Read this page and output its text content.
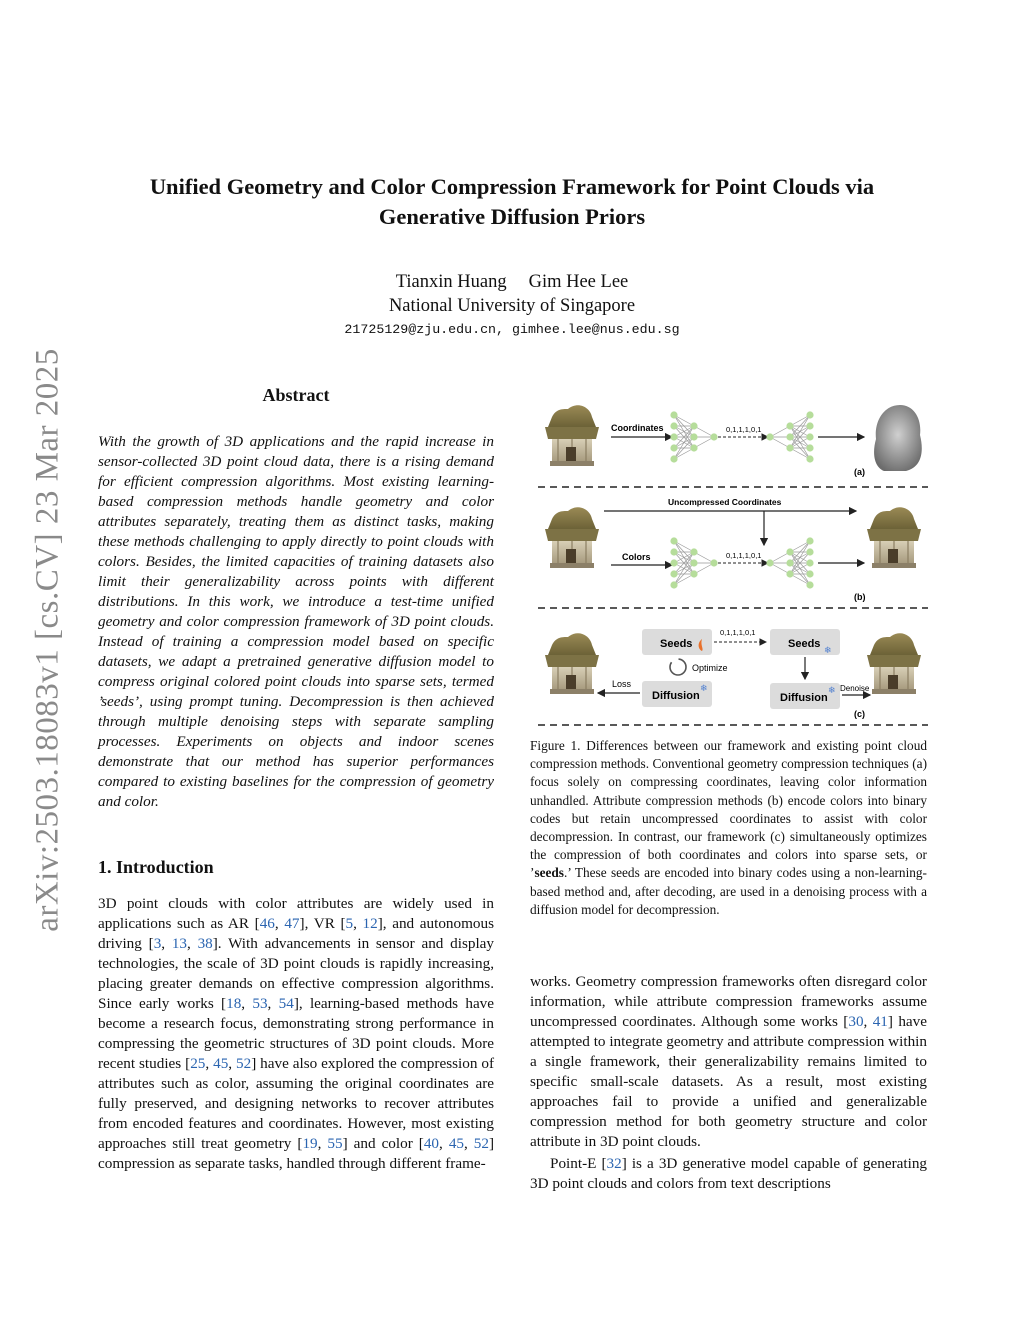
arXiv:2503.18083v1 [cs.CV] 23 Mar 2025
Unified Geometry and Color Compression Framework for Point Clouds via
Generative Diffusion Priors
Tianxin Huang Gim Hee Lee
National University of Singapore
21725129@zju.edu.cn, gimhee.lee@nus.edu.sg
Abstract
With the growth of 3D applications and the rapid increase in sensor-collected 3D point cloud data, there is a rising demand for efficient compression algorithms. Most existing learning-based compression methods handle geometry and color attributes separately, treating them as distinct tasks, making these methods challenging to apply directly to point clouds with colors. Besides, the limited capacities of training datasets also limit their generalizability across points with different distributions. In this work, we introduce a test-time unified geometry and color compression framework of 3D point clouds. Instead of training a compression model based on specific datasets, we adapt a pretrained generative diffusion model to compress original colored point clouds into sparse sets, termed ’seeds’, using prompt tuning. Decompression is then achieved through multiple denoising steps with separate sampling processes. Experiments on objects and indoor scenes demonstrate that our method has superior performances compared to existing baselines for the compression of geometry and color.
1. Introduction
3D point clouds with color attributes are widely used in applications such as AR [46, 47], VR [5, 12], and autonomous driving [3, 13, 38]. With advancements in sensor and display technologies, the scale of 3D point clouds is rapidly increasing, placing greater demands on effective compression algorithms. Since early works [18, 53, 54], learning-based methods have become a research focus, demonstrating strong performance in compressing the geometric structures of 3D point clouds. More recent studies [25, 45, 52] have also explored the compression of attributes such as color, assuming the original coordinates are fully preserved, and designing networks to recover attributes from encoded features and coordinates. However, most existing approaches still treat geometry [19, 55] and color [40, 45, 52] compression as separate tasks, handled through different frame-
Coordinates	0,1,1,1,0,1
(a)
Uncompressed Coordinates
Colors	0,1,1,1,0,1
(b)
Seeds
0,1,1,1,0,1
Seeds ❄
Optimize
Loss
Diffusion
❄
Diffusion
❄ Denoise
(c)
Figure 1. Differences between our framework and existing point cloud compression methods. Conventional geometry compression techniques (a) focus solely on compressing coordinates, leaving color information unhandled. Attribute compression methods (b) encode colors into binary codes but retain uncompressed coordinates to assist with color decompression. In contrast, our framework (c) simultaneously optimizes the compression of both coordinates and colors into sparse sets, or ’seeds.’ These seeds are encoded into binary codes using a non-learning-based method and, after decoding, are used in a denoising process with a diffusion model for decompression.

works. Geometry compression frameworks often disregard color information, while attribute compression frameworks assume uncompressed coordinates. Although some works [30, 41] have attempted to integrate geometry and attribute compression within a single framework, their generalizability remains limited to specific small-scale datasets. As a result, most existing approaches fail to provide a unified and generalizable compression method for both geometry structure and color attribute in 3D point clouds.

Point-E [32] is a 3D generative model capable of generating 3D point clouds and colors from text descriptions
